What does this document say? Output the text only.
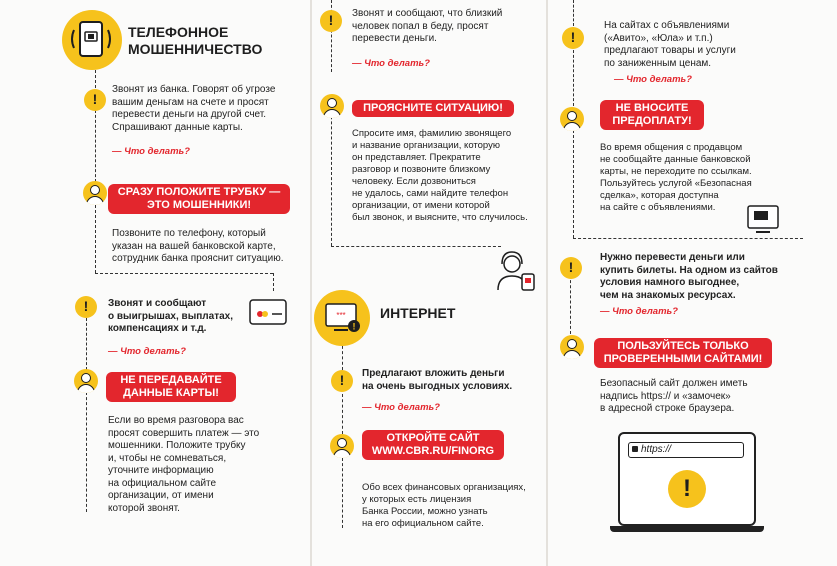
ТЕЛЕФОННОЕ
МОШЕННИЧЕСТВО
!
Звонят из банка. Говорят об угрозе
вашим деньгам на счете и просят
перевести деньги на другой счет.
Спрашивают данные карты.
— Что делать?
СРАЗУ ПОЛОЖИТЕ ТРУБКУ —
ЭТО МОШЕННИКИ!
Позвоните по телефону, который
указан на вашей банковской карте,
сотрудник банка прояснит ситуацию.
!
Звонят и сообщают
о выигрышах, выплатах,
компенсациях и т.д.
— Что делать?
НЕ ПЕРЕДАВАЙТЕ
ДАННЫЕ КАРТЫ!
Если во время разговора вас
просят совершить платеж — это
мошенники. Положите трубку
и, чтобы не сомневаться,
уточните информацию
на официальном сайте
организации, от имени
которой звонят.
!
Звонят и сообщают, что близкий
человек попал в беду, просят
перевести деньги.
— Что делать?
ПРОЯСНИТЕ СИТУАЦИЮ!
Спросите имя, фамилию звонящего
и название организации, которую
он представляет. Прекратите
разговор и позвоните близкому
человеку. Если дозвониться
не удалось, сами найдите телефон
организации, от имени которой
был звонок, и выясните, что случилось.
***
!
ИНТЕРНЕТ
!
Предлагают вложить деньги
на очень выгодных условиях.
— Что делать?
ОТКРОЙТЕ САЙТ
WWW.CBR.RU/FINORG
Обо всех финансовых организациях,
у которых есть лицензия
Банка России, можно узнать
на его официальном сайте.
!
На сайтах с объявлениями
(«Авито», «Юла» и т.п.)
предлагают товары и услуги
по заниженным ценам.
— Что делать?
НЕ ВНОСИТЕ
ПРЕДОПЛАТУ!
Во время общения с продавцом
не сообщайте данные банковской
карты, не переходите по ссылкам.
Пользуйтесь услугой «Безопасная
сделка», которая доступна
на сайте с объявлениями.
!
Нужно перевести деньги или
купить билеты. На одном из сайтов
условия намного выгоднее,
чем на знакомых ресурсах.
— Что делать?
ПОЛЬЗУЙТЕСЬ ТОЛЬКО
ПРОВЕРЕННЫМИ САЙТАМИ!
Безопасный сайт должен иметь
надпись https:// и «замочек»
в адресной строке браузера.
https://
!
